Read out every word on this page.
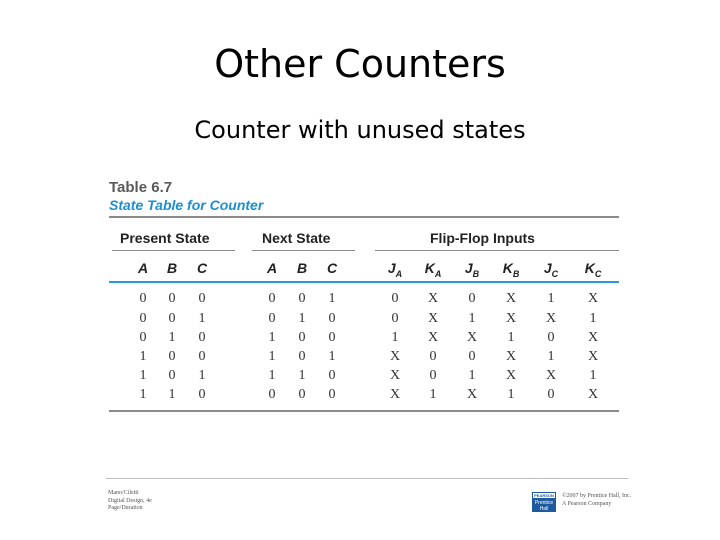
Other Counters
Counter with unused states
Table 6.7
State Table for Counter
Present State	Next State	Flip-Flop Inputs
A	B	C	A	B	C	$J_A$	$K_A$	$J_B$	$K_B$	$J_C$	$K_C$
0	0	0	0	0	1	0	X	0	X	1	X
0	0	1	0	1	0	0	X	1	X	X	1
0	1	0	1	0	0	1	X	X	1	0	X
1	0	0	1	0	1	X	0	0	X	1	X
1	0	1	1	1	0	X	0	1	X	X	1
1	1	0	0	0	0	X	1	X	1	0	X
Mano/Ciletti
Digital Design, 4e
Page/Duration
PEARSON
Prentice Hall
©2007 by Prentice Hall, Inc.
A Pearson Company
